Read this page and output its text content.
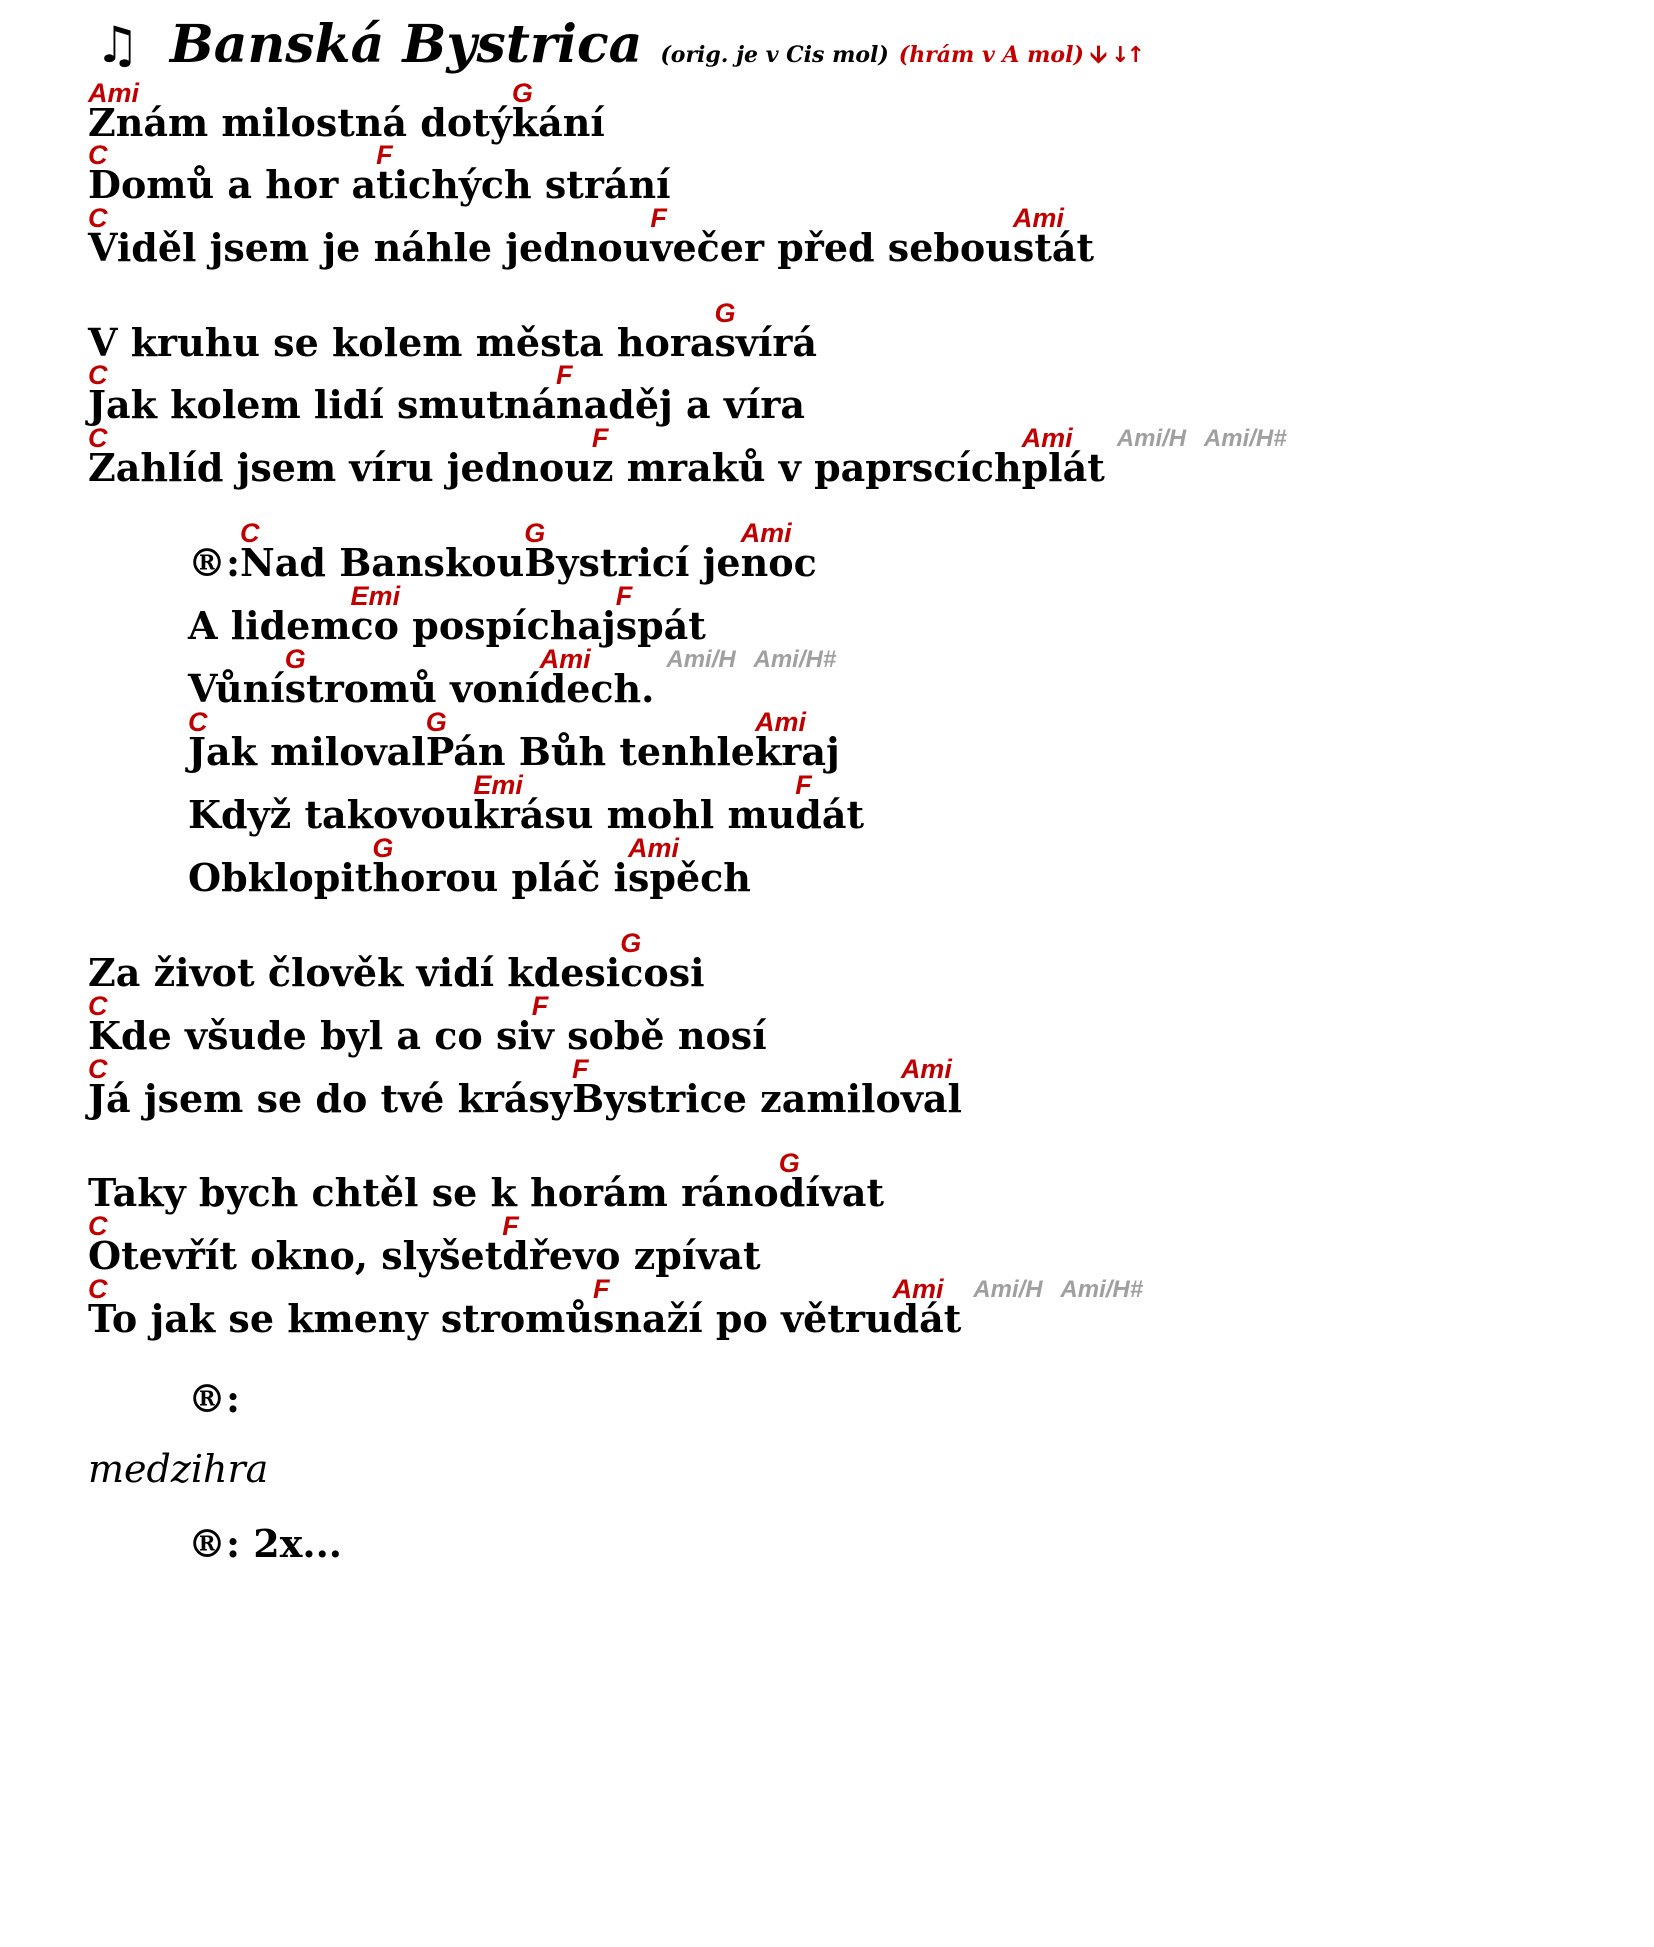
♫ Banská Bystrica (orig. je v Cis mol) (hrám v A mol) 🡫 ↓↑
Ami
Znám milostná dotý
G
kání
C
Domů a hor a
F
tichých strání
C
Viděl jsem je náhle jednou
F
večer před sebou
Ami
stát
V kruhu se kolem města hora
G
svírá
C
Jak kolem lidí smutná
F
naděj a víra
C
Zahlíd jsem víru jednou
F
z mraků v paprscích
Ami
plátAmi/H Ami/H#
®:
C
Nad Banskou
G
Bystricí je
Ami
noc
A lidem
Emi
co pospíchaj
F
spát
Vůní
G
stromů voní
Ami
dech.Ami/H Ami/H#
C
Jak miloval
G
Pán Bůh tenhle
Ami
kraj
Když takovou
Emi
krásu mohl mu
F
dát
Obklopit
G
horou pláč i
Ami
spěch
Za život člověk vidí kdesi
G
cosi
C
Kde všude byl a co si
F
v sobě nosí
C
Já jsem se do tvé krásy
F
Bystrice zamilo
Ami
val
Taky bych chtěl se k horám ráno
G
dívat
C
Otevřít okno, slyšet
F
dřevo zpívat
C
To jak se kmeny stromů
F
snaží po větru
Ami
dátAmi/H Ami/H#
®:
medzihra
®: 2x...
